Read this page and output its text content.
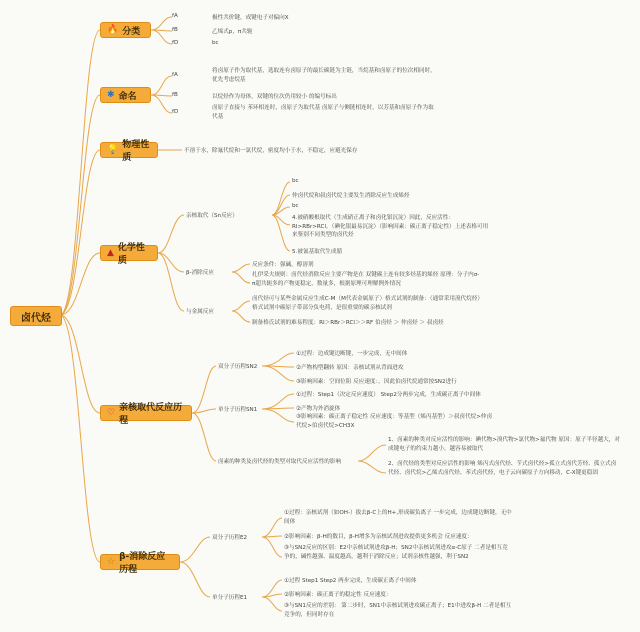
卤代烃
🔥 分类
✱ 命名
💡 物理性质
▲ 化学性质
♡ 亲核取代反应历程
☆ β-消除反应历程
fA	极性共价键，成键电子对偏向X
fB	乙烯式p，π共轭
fD	bc
fA
将卤原子作为取代基，选取连有卤原子的最长碳链为主链，当烷基和卤原子的位次相同时，优先考虑烷基
fB	以烷烃作为母体，双键的位次仍用较小 的编号标出
fD
卤原子直接与 苯环相连时，卤原子为取代基 卤原子与侧链相连时，以芳基和卤原子作为取代基
不溶于水，除氟代烷和一氯代烷，密度均小于水，不稳定，应避光保存
亲核取代（Sn反应）
bc
仲卤代烷和叔卤代烷主要发生消除反应生成烯烃
bc
4.被硝酸根取代（生成硝正离子和卤化银沉淀）因此，反应活性：RI>RBr>RCl。（碘化银最易沉淀）（影响因素：碳正离子稳定性）上述表格可用来鉴别不同类型的卤代烃
5.被氰基取代生成腈
β-消除反应
反应条件：强碱，醇溶剂
扎伊采夫规则：卤代烃消除反应主要产物是在 双键碳上连有较多烃基的烯烃 原理：分子内σ-π超共轭多的产物更稳定，数量多，根据原理可理解例外情况
与金属反应
卤代烃可与某些金属反应生成C-M（M代表金属原子）格式试剂的制备：（通常采用溴代烷烃） 格式试剂中碳原子带部分负电荷，是很重要的碳亲核试剂
制备格氏试剂的难易程度：RI＞RBr＞RCl＞＞RF 伯卤烃 ＞ 仲卤烃 ＞ 叔卤烃
双分子历程SN2
①过程：边成键边断键，一步完成，无中间体
②产物构型翻转 原因：亲核试剂从背面进攻
③影响因素：空间位阻 反应速度：。因此伯卤代烷通常按SN2进行
单分子历程SN1
①过程：Step1（决定反应速度） Step2分两步完成，生成碳正离子中间体
②产物为外消旋体
③影响因素：碳正离子稳定性 反应速度：等基型（烯丙基型）＞叔卤代烷>仲卤代烷>伯卤代烷>CH3X
卤素的种类及卤代烃的类型对取代反应活性的影响
1、卤素的种类对反应活性的影响：碘代物>溴代物>氯代物>氟代物 原因：原子半径越大，对成键电子的约束力越小，越容易被取代
2、卤代烃的类型对反应活性的影响 烯丙式卤代烃、苄式卤代烃>孤立式卤代芳烃、孤立式卤代烃、卤代烷>乙烯式卤代烃、苯式卤代烃，电子云向碳原子方向移动，C-X键更稳固
双分子历程E2
①过程：亲核试剂（如OH-）拔去β-C上的H+,形成碳负离子 一步完成，边成键边断键，无中间体
②影响因素：β-H的数目，β-H增多为亲核试剂进攻提供更多机会 反应速度：
③与SN2反应的区别：E2中亲核试剂进攻β-H；SN2中亲核试剂进攻α-C原子 二者是相互竞争的，碱性越强、温度越高，越利于消除反应；试剂亲核性越强，利于SN2
单分子历程E1
①过程 Step1 Step2 两步完成，生成碳正离子中间体
②影响因素：碳正离子的稳定性 反应速度：
③与SN1反应的差别： 第二步时，SN1中亲核试剂进攻碳正离子；E1中进攻β-H 二者是相互竞争的，但同时存在
